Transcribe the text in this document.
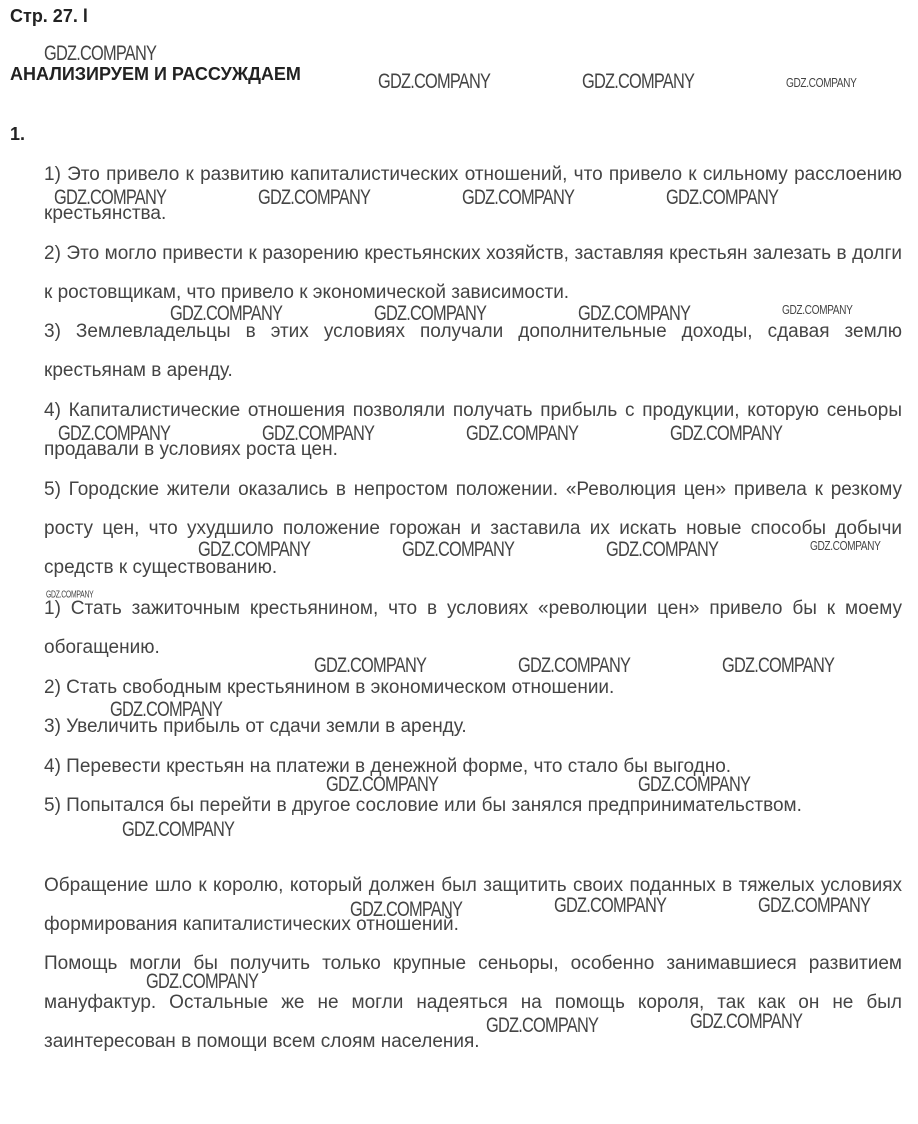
Стр. 27. l
АНАЛИЗИРУЕМ И РАССУЖДАЕМ
1.

1) Это привело к развитию капиталистических отношений, что привело к сильному расслоению крестьянства.

2) Это могло привести к разорению крестьянских хозяйств, заставляя крестьян залезать в долги к ростовщикам, что привело к экономической зависимости.

3) Землевладельцы в этих условиях получали дополнительные доходы, сдавая землю крестьянам в аренду.

4) Капиталистические отношения позволяли получать прибыль с продукции, которую сеньоры продавали в условиях роста цен.

5) Городские жители оказались в непростом положении. «Революция цен» привела к резкому росту цен, что ухудшило положение горожан и заставила их искать новые способы добычи средств к существованию.

1) Стать зажиточным крестьянином, что в условиях «революции цен» привело бы к моему обогащению.

2) Стать свободным крестьянином в экономическом отношении.

3) Увеличить прибыль от сдачи земли в аренду.

4) Перевести крестьян на платежи в денежной форме, что стало бы выгодно.

5) Попытался бы перейти в другое сословие или бы занялся предпринимательством.

Обращение шло к королю, который должен был защитить своих поданных в тяжелых условиях формирования капиталистических отношений.

Помощь могли бы получить только крупные сеньоры, особенно занимавшиеся развитием мануфактур. Остальные же не могли надеяться на помощь короля, так как он не был заинтересован в помощи всем слоям населения.

GDZ.COMPANY
GDZ.COMPANY	GDZ.COMPANY	GDZ.COMPANY
GDZ.COMPANY	GDZ.COMPANY	GDZ.COMPANY	GDZ.COMPANY
GDZ.COMPANY	GDZ.COMPANY	GDZ.COMPANY	GDZ.COMPANY
GDZ.COMPANY	GDZ.COMPANY	GDZ.COMPANY	GDZ.COMPANY
GDZ.COMPANY	GDZ.COMPANY	GDZ.COMPANY	GDZ.COMPANY
GDZ.COMPANY
GDZ.COMPANY	GDZ.COMPANY	GDZ.COMPANY
GDZ.COMPANY
GDZ.COMPANY	GDZ.COMPANY
GDZ.COMPANY
GDZ.COMPANY	GDZ.COMPANY	GDZ.COMPANY
GDZ.COMPANY
GDZ.COMPANY	GDZ.COMPANY
